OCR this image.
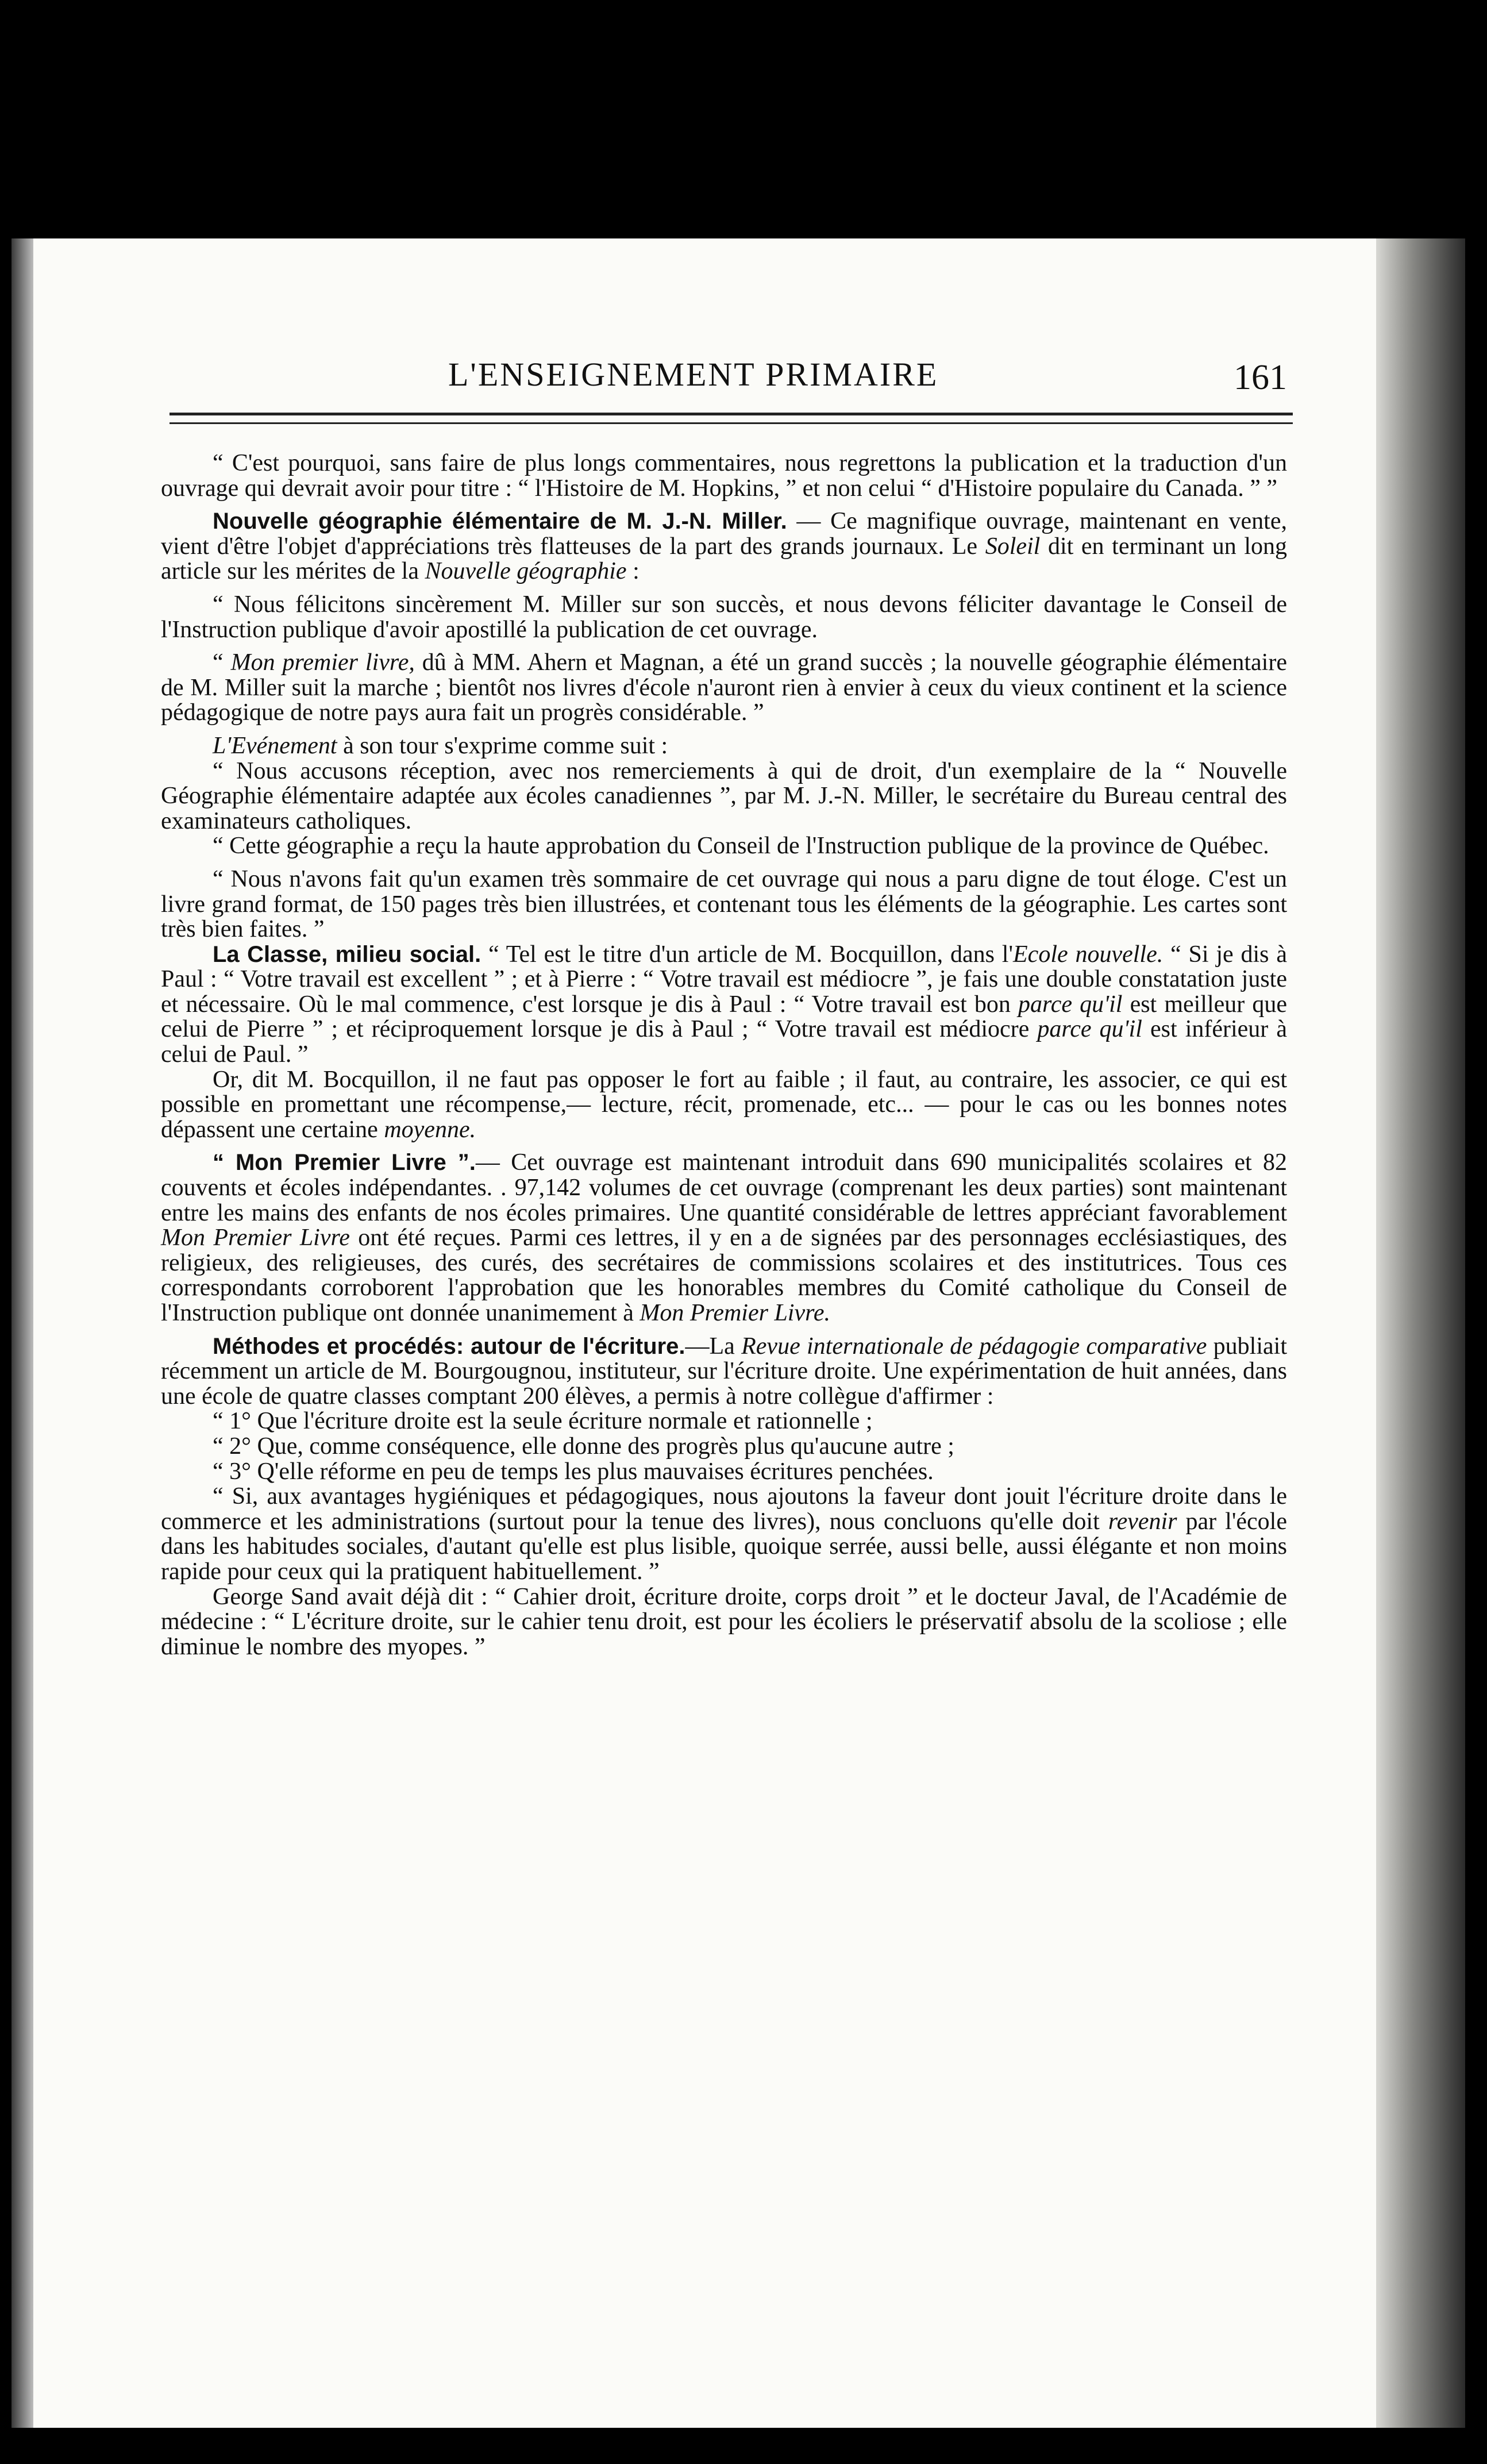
L'ENSEIGNEMENT PRIMAIRE	161

“ C'est pourquoi, sans faire de plus longs commentaires, nous regrettons la publication et la traduction d'un ouvrage qui devrait avoir pour titre : “ l'Histoire de M. Hopkins, ” et non celui “ d'Histoire populaire du Canada. ” ”

Nouvelle géographie élémentaire de M. J.-N. Miller. — Ce magnifique ouvrage, maintenant en vente, vient d'être l'objet d'appréciations très flatteuses de la part des grands journaux. Le Soleil dit en terminant un long article sur les mérites de la Nouvelle géographie :

“ Nous félicitons sincèrement M. Miller sur son succès, et nous devons féliciter davantage le Conseil de l'Instruction publique d'avoir apostillé la publication de cet ouvrage.

“ Mon premier livre, dû à MM. Ahern et Magnan, a été un grand succès ; la nouvelle géographie élémentaire de M. Miller suit la marche ; bientôt nos livres d'école n'auront rien à envier à ceux du vieux continent et la science pédagogique de notre pays aura fait un progrès considérable. ”

L'Evénement à son tour s'exprime comme suit :

“ Nous accusons réception, avec nos remerciements à qui de droit, d'un exemplaire de la “ Nouvelle Géographie élémentaire adaptée aux écoles canadiennes ”, par M. J.-N. Miller, le secrétaire du Bureau central des examinateurs catholiques.

“ Cette géographie a reçu la haute approbation du Conseil de l'Instruction publique de la province de Québec.

“ Nous n'avons fait qu'un examen très sommaire de cet ouvrage qui nous a paru digne de tout éloge. C'est un livre grand format, de 150 pages très bien illustrées, et contenant tous les éléments de la géographie. Les cartes sont très bien faites. ”

La Classe, milieu social. “ Tel est le titre d'un article de M. Bocquillon, dans l'Ecole nouvelle. “ Si je dis à Paul : “ Votre travail est excellent ” ; et à Pierre : “ Votre travail est médiocre ”, je fais une double constatation juste et nécessaire. Où le mal commence, c'est lorsque je dis à Paul : “ Votre travail est bon parce qu'il est meilleur que celui de Pierre ” ; et réciproquement lorsque je dis à Paul ; “ Votre travail est médiocre parce qu'il est inférieur à celui de Paul. ”

Or, dit M. Bocquillon, il ne faut pas opposer le fort au faible ; il faut, au contraire, les associer, ce qui est possible en promettant une récompense,— lecture, récit, promenade, etc... — pour le cas ou les bonnes notes dépassent une certaine moyenne.

“ Mon Premier Livre ”.— Cet ouvrage est maintenant introduit dans 690 municipalités scolaires et 82 couvents et écoles indépendantes. . 97,142 volumes de cet ouvrage (comprenant les deux parties) sont maintenant entre les mains des enfants de nos écoles primaires. Une quantité considérable de lettres appréciant favorablement Mon Premier Livre ont été reçues. Parmi ces lettres, il y en a de signées par des personnages ecclésiastiques, des religieux, des religieuses, des curés, des secrétaires de commissions scolaires et des institutrices. Tous ces correspondants corroborent l'approbation que les honorables membres du Comité catholique du Conseil de l'Instruction publique ont donnée unanimement à Mon Premier Livre.

Méthodes et procédés: autour de l'écriture.—La Revue internationale de pédagogie comparative publiait récemment un article de M. Bourgougnou, instituteur, sur l'écriture droite. Une expérimentation de huit années, dans une école de quatre classes comptant 200 élèves, a permis à notre collègue d'affirmer :

“ 1° Que l'écriture droite est la seule écriture normale et rationnelle ;

“ 2° Que, comme conséquence, elle donne des progrès plus qu'aucune autre ;

“ 3° Q'elle réforme en peu de temps les plus mauvaises écritures penchées.

“ Si, aux avantages hygiéniques et pédagogiques, nous ajoutons la faveur dont jouit l'écriture droite dans le commerce et les administrations (surtout pour la tenue des livres), nous concluons qu'elle doit revenir par l'école dans les habitudes sociales, d'autant qu'elle est plus lisible, quoique serrée, aussi belle, aussi élégante et non moins rapide pour ceux qui la pratiquent habituellement. ”

George Sand avait déjà dit : “ Cahier droit, écriture droite, corps droit ” et le docteur Javal, de l'Académie de médecine : “ L'écriture droite, sur le cahier tenu droit, est pour les écoliers le préservatif absolu de la scoliose ; elle diminue le nombre des myopes. ”
